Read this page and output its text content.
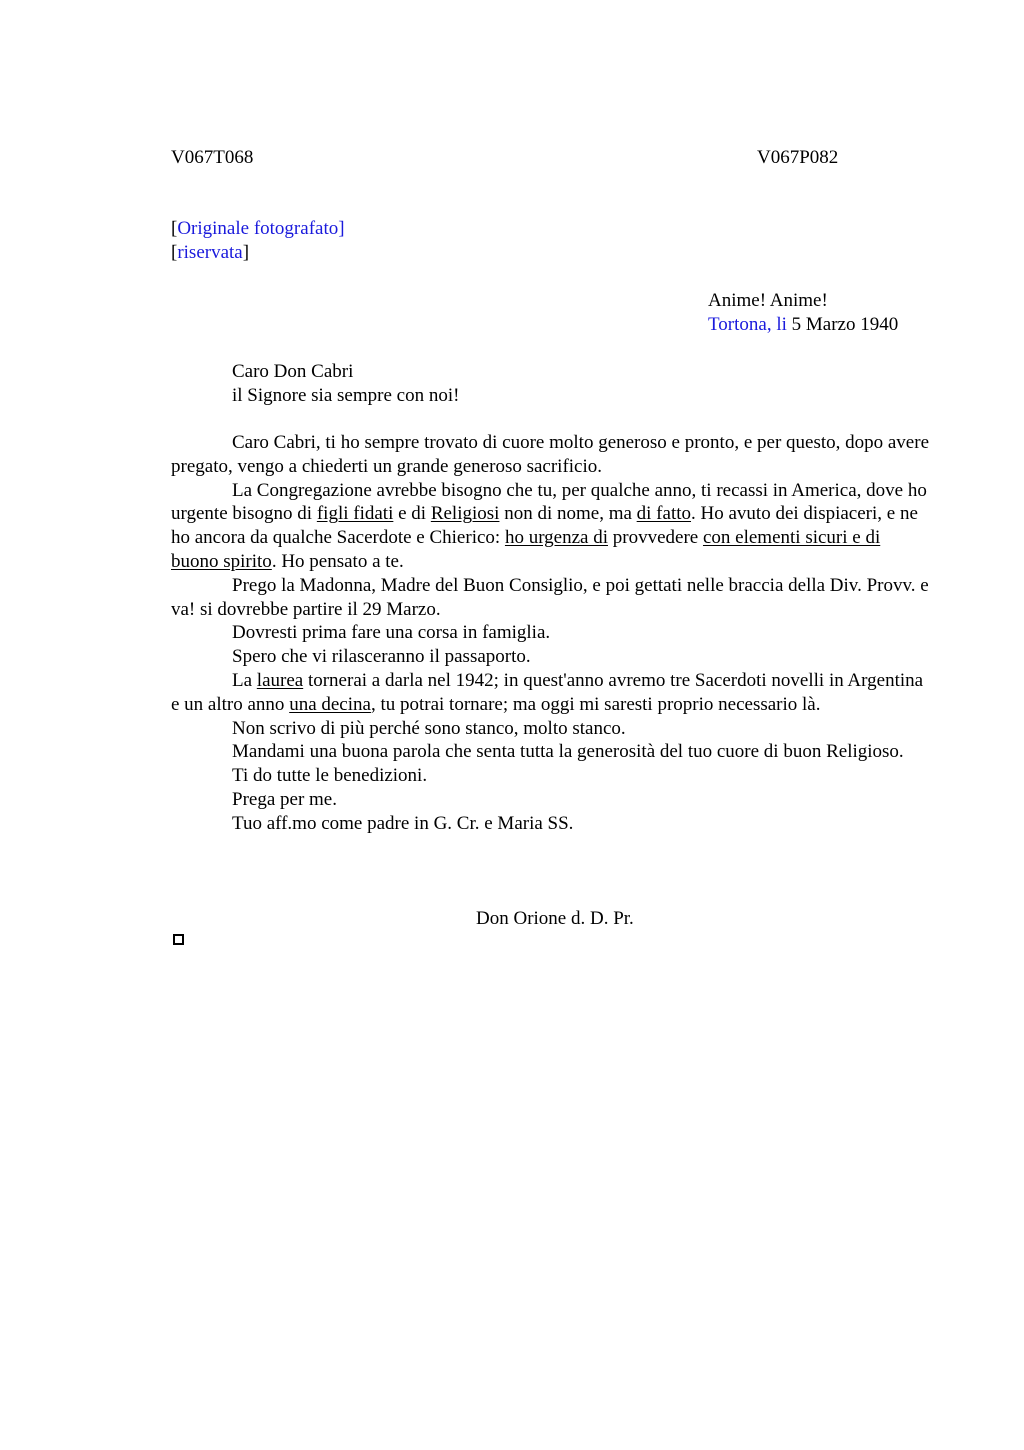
V067T068	V067P082
[Originale fotografato]
[riservata]
Anime! Anime!
Tortona, li 5 Marzo 1940
Caro Don Cabri
il Signore sia sempre con noi!

Caro Cabri, ti ho sempre trovato di cuore molto generoso e pronto, e per questo, dopo avere pregato, vengo a chiederti un grande generoso sacrificio.

La Congregazione avrebbe bisogno che tu, per qualche anno, ti recassi in America, dove ho urgente bisogno di figli fidati e di Religiosi non di nome, ma di fatto. Ho avuto dei dispiaceri, e ne ho ancora da qualche Sacerdote e Chierico: ho urgenza di provvedere con elementi sicuri e di buono spirito. Ho pensato a te.

Prego la Madonna, Madre del Buon Consiglio, e poi gettati nelle braccia della Div. Provv. e va! si dovrebbe partire il 29 Marzo.

Dovresti prima fare una corsa in famiglia.

Spero che vi rilasceranno il passaporto.

La laurea tornerai a darla nel 1942; in quest'anno avremo tre Sacerdoti novelli in Argentina e un altro anno una decina, tu potrai tornare; ma oggi mi saresti proprio necessario là.

Non scrivo di più perché sono stanco, molto stanco.

Mandami una buona parola che senta tutta la generosità del tuo cuore di buon Religioso.

Ti do tutte le benedizioni.

Prega per me.

Tuo aff.mo come padre in G. Cr. e Maria SS.

Don Orione d. D. Pr.
